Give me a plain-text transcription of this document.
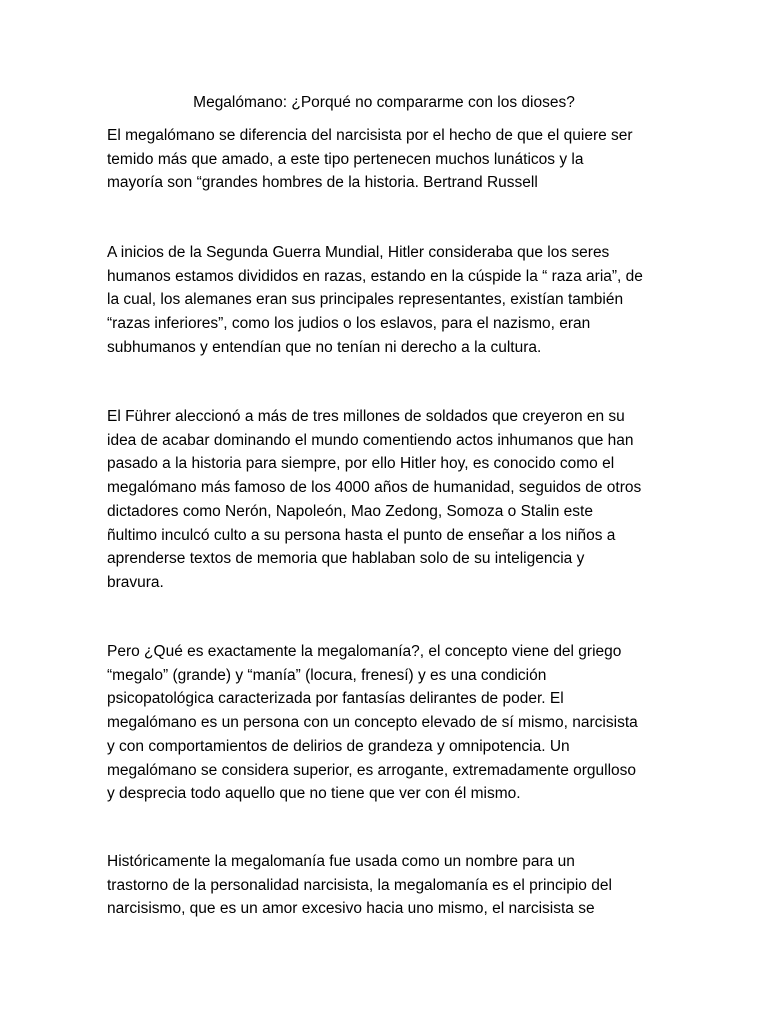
Megalómano: ¿Porqué no compararme con los dioses?

El megalómano se diferencia del narcisista por el hecho de que el quiere ser
temido más que amado, a este tipo pertenecen muchos lunáticos y la
mayoría son “grandes hombres de la historia. Bertrand Russell

A inicios de la Segunda Guerra Mundial, Hitler consideraba que los seres
humanos estamos divididos en razas, estando en la cúspide la “ raza aria”, de
la cual, los alemanes eran sus principales representantes, existían también
“razas inferiores”, como los judios o los eslavos, para el nazismo, eran
subhumanos y entendían que no tenían ni derecho a la cultura.

El Führer aleccionó a más de tres millones de soldados que creyeron en su
idea de acabar dominando el mundo comentiendo actos inhumanos que han
pasado a la historia para siempre, por ello Hitler hoy, es conocido como el
megalómano más famoso de los 4000 años de humanidad, seguidos de otros
dictadores como Nerón, Napoleón, Mao Zedong, Somoza o Stalin este
ñultimo inculcó culto a su persona hasta el punto de enseñar a los niños a
aprenderse textos de memoria que hablaban solo de su inteligencia y
bravura.

Pero ¿Qué es exactamente la megalomanía?, el concepto viene del griego
“megalo” (grande) y “manía” (locura, frenesí) y es una condición
psicopatológica caracterizada por fantasías delirantes de poder. El
megalómano es un persona con un concepto elevado de sí mismo, narcisista
y con comportamientos de delirios de grandeza y omnipotencia. Un
megalómano se considera superior, es arrogante, extremadamente orgulloso
y desprecia todo aquello que no tiene que ver con él mismo.

Históricamente la megalomanía fue usada como un nombre para un
trastorno de la personalidad narcisista, la megalomanía es el principio del
narcisismo, que es un amor excesivo hacia uno mismo, el narcisista se
